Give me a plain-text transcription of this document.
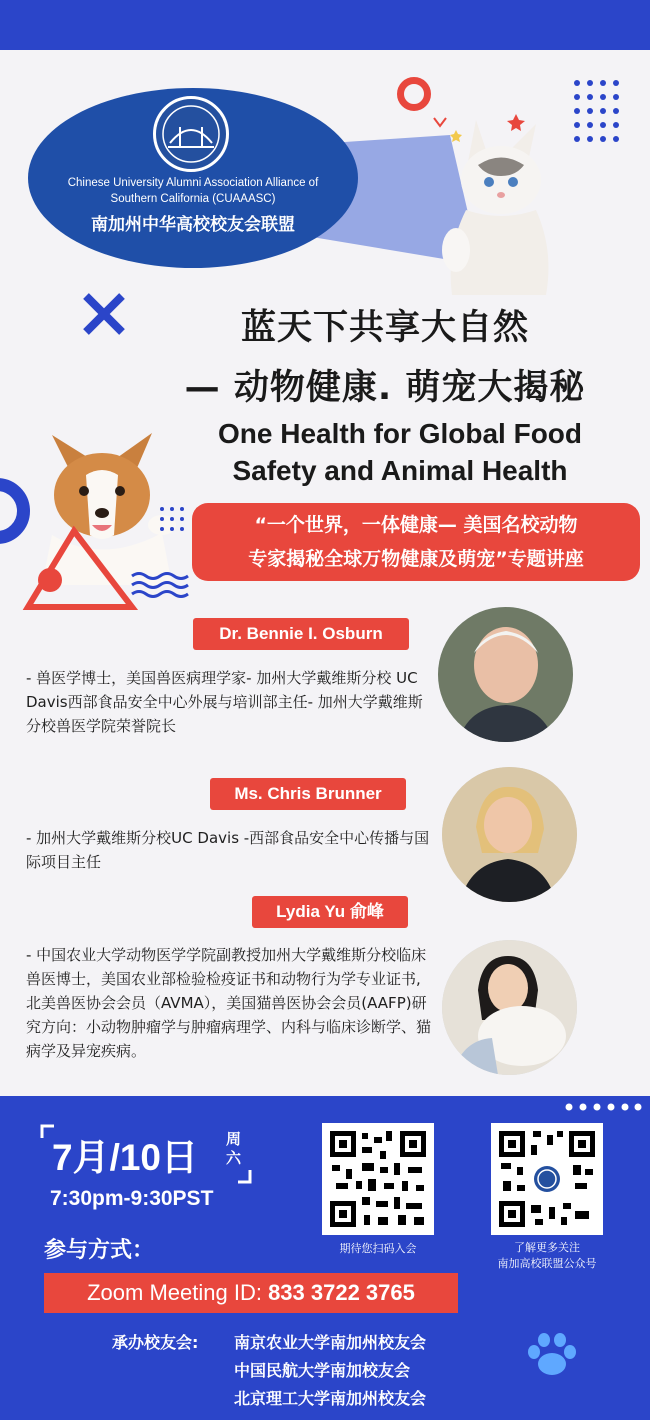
Chinese University Alumni Association Alliance of Southern California (CUAAASC)
南加州中华高校校友会联盟
蓝天下共享大自然
— 动物健康. 萌宠大揭秘
One Health for Global Food
Safety and Animal Health
“一个世界，一体健康— 美国名校动物
专家揭秘全球万物健康及萌宠”专题讲座
Dr. Bennie I. Osburn
- 兽医学博士，美国兽医病理学家- 加州大学戴维斯分校 UC Davis西部食品安全中心外展与培训部主任- 加州大学戴维斯分校兽医学院荣誉院长
Ms. Chris Brunner
- 加州大学戴维斯分校UC Davis -西部食品安全中心传播与国际项目主任
Lydia Yu 俞峰
- 中国农业大学动物医学学院副教授加州大学戴维斯分校临床兽医博士，美国农业部检验检疫证书和动物行为学专业证书, 北美兽医协会会员（AVMA），美国猫兽医协会会员(AAFP)研究方向：小动物肿瘤学与肿瘤病理学、内科与临床诊断学、猫病学及异宠疾病。
7月/10日 周六
7:30pm-9:30PST
参与方式：
Zoom Meeting ID: 833 3722 3765
期待您扫码入会	了解更多关注
南加高校联盟公众号
承办校友会: 南京农业大学南加州校友会
中国民航大学南加校友会
北京理工大学南加州校友会
